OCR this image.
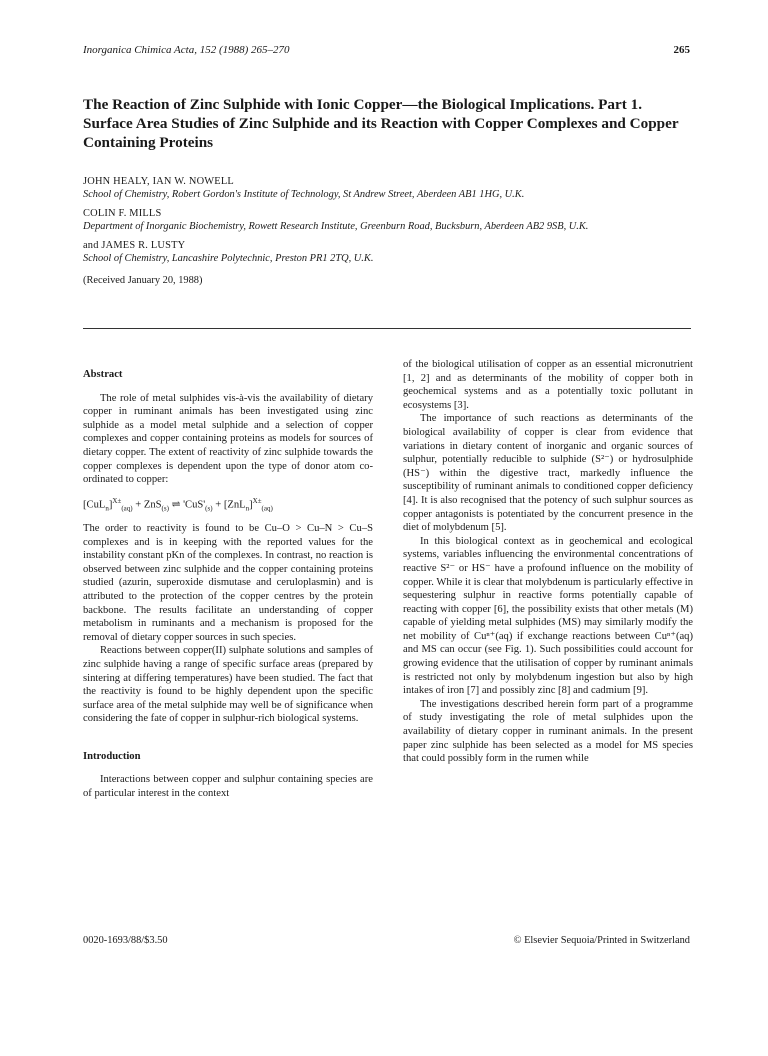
Inorganica Chimica Acta, 152 (1988) 265–270	265
The Reaction of Zinc Sulphide with Ionic Copper—the Biological Implications. Part 1. Surface Area Studies of Zinc Sulphide and its Reaction with Copper Complexes and Copper Containing Proteins

JOHN HEALY, IAN W. NOWELL

School of Chemistry, Robert Gordon's Institute of Technology, St Andrew Street, Aberdeen AB1 1HG, U.K.

COLIN F. MILLS

Department of Inorganic Biochemistry, Rowett Research Institute, Greenburn Road, Bucksburn, Aberdeen AB2 9SB, U.K.

and JAMES R. LUSTY

School of Chemistry, Lancashire Polytechnic, Preston PR1 2TQ, U.K.

(Received January 20, 1988)

Abstract

The role of metal sulphides vis-à-vis the availability of dietary copper in ruminant animals has been investigated using zinc sulphide as a model metal sulphide and a selection of copper complexes and copper containing proteins as models for sources of dietary copper. The extent of reactivity of zinc sulphide towards the copper complexes is dependent upon the type of donor atom co-ordinated to copper:

$[CuL_n]^{X\pm}_{(aq)} + ZnS_{(s)}$ ⇌ '$CuS'_{(s)} + [ZnL_n]^{X\pm}_{(aq)}$

The order to reactivity is found to be Cu–O > Cu–N > Cu–S complexes and is in keeping with the reported values for the instability constant pKn of the complexes. In contrast, no reaction is observed between zinc sulphide and the copper containing proteins studied (azurin, superoxide dismutase and ceruloplasmin) and is attributed to the protection of the copper centres by the protein backbone. The results facilitate an understanding of copper metabolism in ruminants and a mechanism is proposed for the removal of dietary copper sources in such species.

Reactions between copper(II) sulphate solutions and samples of zinc sulphide having a range of specific surface areas (prepared by sintering at differing temperatures) have been studied. The fact that the reactivity is found to be highly dependent upon the specific surface area of the metal sulphide may well be of significance when considering the fate of copper in sulphur-rich biological systems.

Introduction

Interactions between copper and sulphur containing species are of particular interest in the context

of the biological utilisation of copper as an essential micronutrient [1, 2] and as determinants of the mobility of copper both in geochemical systems and as a potentially toxic pollutant in ecosystems [3].

The importance of such reactions as determinants of the biological availability of copper is clear from evidence that variations in dietary content of inorganic and organic sources of sulphur, potentially reducible to sulphide (S²⁻) or hydrosulphide (HS⁻) within the digestive tract, markedly influence the susceptibility of ruminant animals to conditioned copper deficiency [4]. It is also recognised that the potency of such sulphur sources as copper antagonists is potentiated by the concurrent presence in the diet of molybdenum [5].

In this biological context as in geochemical and ecological systems, variables influencing the environmental concentrations of reactive S²⁻ or HS⁻ have a profound influence on the mobility of copper. While it is clear that molybdenum is particularly effective in sequestering sulphur in reactive forms potentially capable of reacting with copper [6], the possibility exists that other metals (M) capable of yielding metal sulphides (MS) may similarly modify the net mobility of Cuⁿ⁺(aq) if exchange reactions between Cuⁿ⁺(aq) and MS can occur (see Fig. 1). Such possibilities could account for growing evidence that the utilisation of copper by ruminant animals is restricted not only by molybdenum ingestion but also by high intakes of iron [7] and possibly zinc [8] and cadmium [9].

The investigations described herein form part of a programme of study investigating the role of metal sulphides upon the availability of dietary copper in ruminant animals. In the present paper zinc sulphide has been selected as a model for MS species that could possibly form in the rumen while

0020-1693/88/$3.50	© Elsevier Sequoia/Printed in Switzerland
